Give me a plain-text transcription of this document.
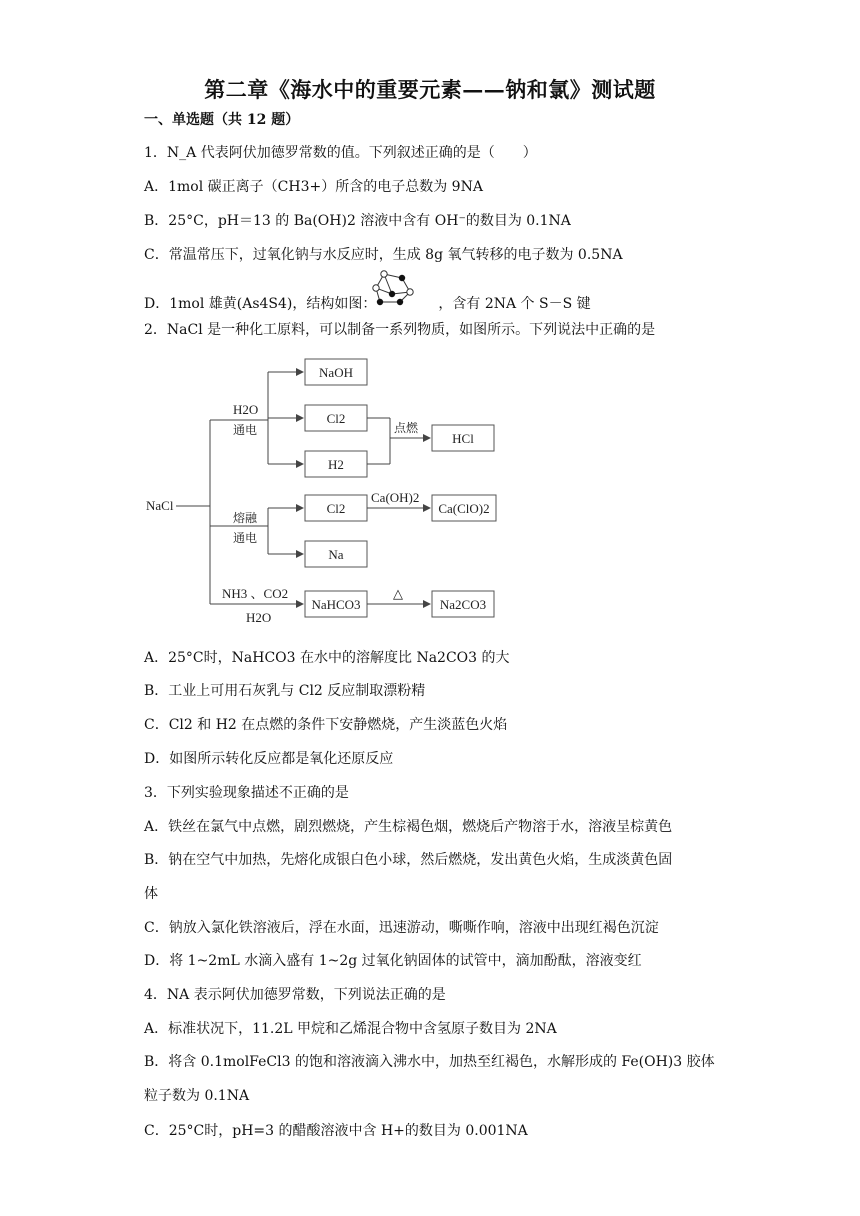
第二章《海水中的重要元素——钠和氯》测试题
一、单选题（共 12 题）
1．N_A 代表阿伏加德罗常数的值。下列叙述正确的是（　　）
A．1mol 碳正离子（CH3+）所含的电子总数为 9NA
B．25°C，pH＝13 的 Ba(OH)2 溶液中含有 OH⁻的数目为 0.1NA
C．常温常压下，过氧化钠与水反应时，生成 8g 氧气转移的电子数为 0.5NA
D．1mol 雄黄(As4S4)，结构如图：	，含有 2NA 个 S－S 键
2．NaCl 是一种化工原料，可以制备一系列物质，如图所示。下列说法中正确的是
NaCl
H2O
通电
NaOH
Cl2
H2
点燃
HCl
熔融
通电
Cl2
Ca(OH)2
Ca(ClO)2
Na
NH3 、CO2
H2O
NaHCO3
△
Na2CO3
A．25°C时，NaHCO3 在水中的溶解度比 Na2CO3 的大
B．工业上可用石灰乳与 Cl2 反应制取漂粉精
C．Cl2 和 H2 在点燃的条件下安静燃烧，产生淡蓝色火焰
D．如图所示转化反应都是氧化还原反应
3．下列实验现象描述不正确的是
A．铁丝在氯气中点燃，剧烈燃烧，产生棕褐色烟，燃烧后产物溶于水，溶液呈棕黄色
B．钠在空气中加热，先熔化成银白色小球，然后燃烧，发出黄色火焰，生成淡黄色固
体
C．钠放入氯化铁溶液后，浮在水面，迅速游动，嘶嘶作响，溶液中出现红褐色沉淀
D．将 1~2mL 水滴入盛有 1~2g 过氧化钠固体的试管中，滴加酚酞，溶液变红
4．NA 表示阿伏加德罗常数，下列说法正确的是
A．标准状况下，11.2L 甲烷和乙烯混合物中含氢原子数目为 2NA
B．将含 0.1molFeCl3 的饱和溶液滴入沸水中，加热至红褐色，水解形成的 Fe(OH)3 胶体
粒子数为 0.1NA
C．25°C时，pH=3 的醋酸溶液中含 H+的数目为 0.001NA
